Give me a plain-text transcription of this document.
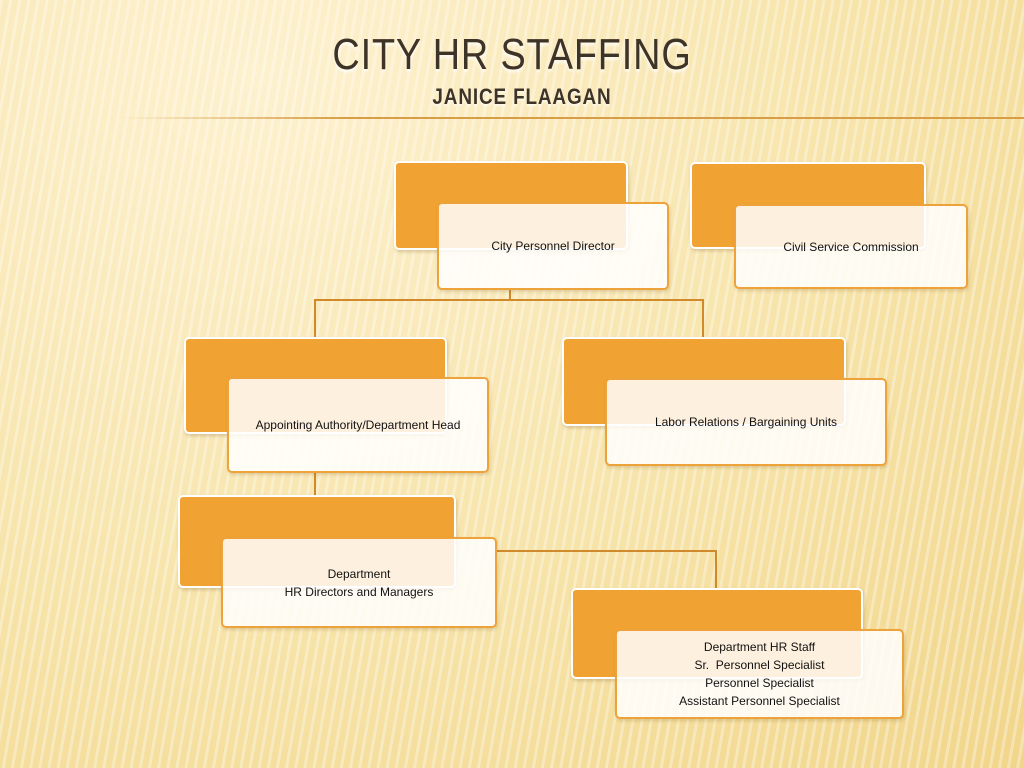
CITY HR STAFFING
JANICE FLAAGAN
City Personnel Director	Civil Service Commission
Appointing Authority/Department Head	Labor Relations / Bargaining Units
Department
HR Directors and Managers
Department HR Staff
Sr.  Personnel Specialist
Personnel Specialist
Assistant Personnel Specialist
